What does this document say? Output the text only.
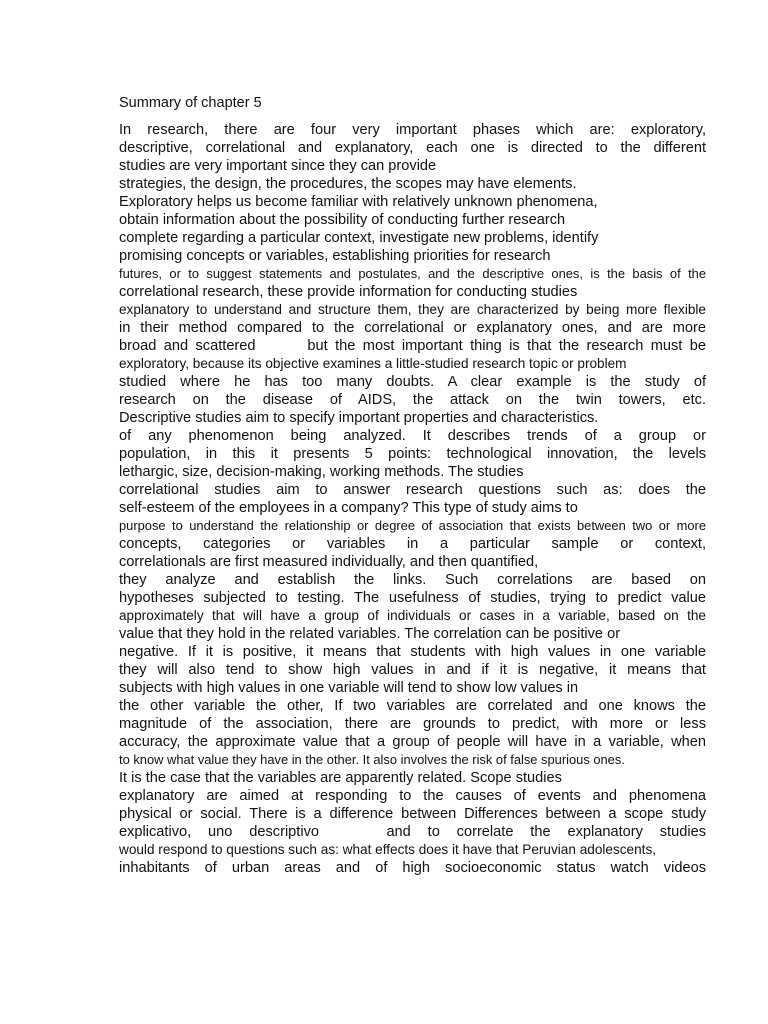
Summary of chapter 5
In research, there are four very important phases which are: exploratory,
descriptive, correlational and explanatory, each one is directed to the different
studies are very important since they can provide
strategies, the design, the procedures, the scopes may have elements.
Exploratory helps us become familiar with relatively unknown phenomena,
obtain information about the possibility of conducting further research
complete regarding a particular context, investigate new problems, identify
promising concepts or variables, establishing priorities for research
futures, or to suggest statements and postulates, and the descriptive ones, is the basis of the
correlational research, these provide information for conducting studies
explanatory to understand and structure them, they are characterized by being more flexible
in their method compared to the correlational or explanatory ones, and are more
broad and scattered       but the most important thing is that the research must be
exploratory, because its objective examines a little-studied research topic or problem
studied where he has too many doubts. A clear example is the study of
research on the disease of AIDS, the attack on the twin towers, etc.
Descriptive studies aim to specify important properties and characteristics.
of any phenomenon being analyzed. It describes trends of a group or
population, in this it presents 5 points: technological innovation, the levels
lethargic, size, decision-making, working methods. The studies
correlational studies aim to answer research questions such as: does the
self-esteem of the employees in a company? This type of study aims to
purpose to understand the relationship or degree of association that exists between two or more
concepts, categories or variables in a particular sample or context,
correlationals are first measured individually, and then quantified,
they analyze and establish the links. Such correlations are based on
hypotheses subjected to testing. The usefulness of studies, trying to predict value
approximately that will have a group of individuals or cases in a variable, based on the
value that they hold in the related variables. The correlation can be positive or
negative. If it is positive, it means that students with high values in one variable
they will also tend to show high values in and if it is negative, it means that
subjects with high values in one variable will tend to show low values in
the other variable the other, If two variables are correlated and one knows the
magnitude of the association, there are grounds to predict, with more or less
accuracy, the approximate value that a group of people will have in a variable, when
to know what value they have in the other. It also involves the risk of false spurious ones.
It is the case that the variables are apparently related. Scope studies
explanatory are aimed at responding to the causes of events and phenomena
physical or social. There is a difference between Differences between a scope study
explicativo, uno descriptivo    and to correlate the explanatory studies
would respond to questions such as: what effects does it have that Peruvian adolescents,
inhabitants of urban areas and of high socioeconomic status watch videos
